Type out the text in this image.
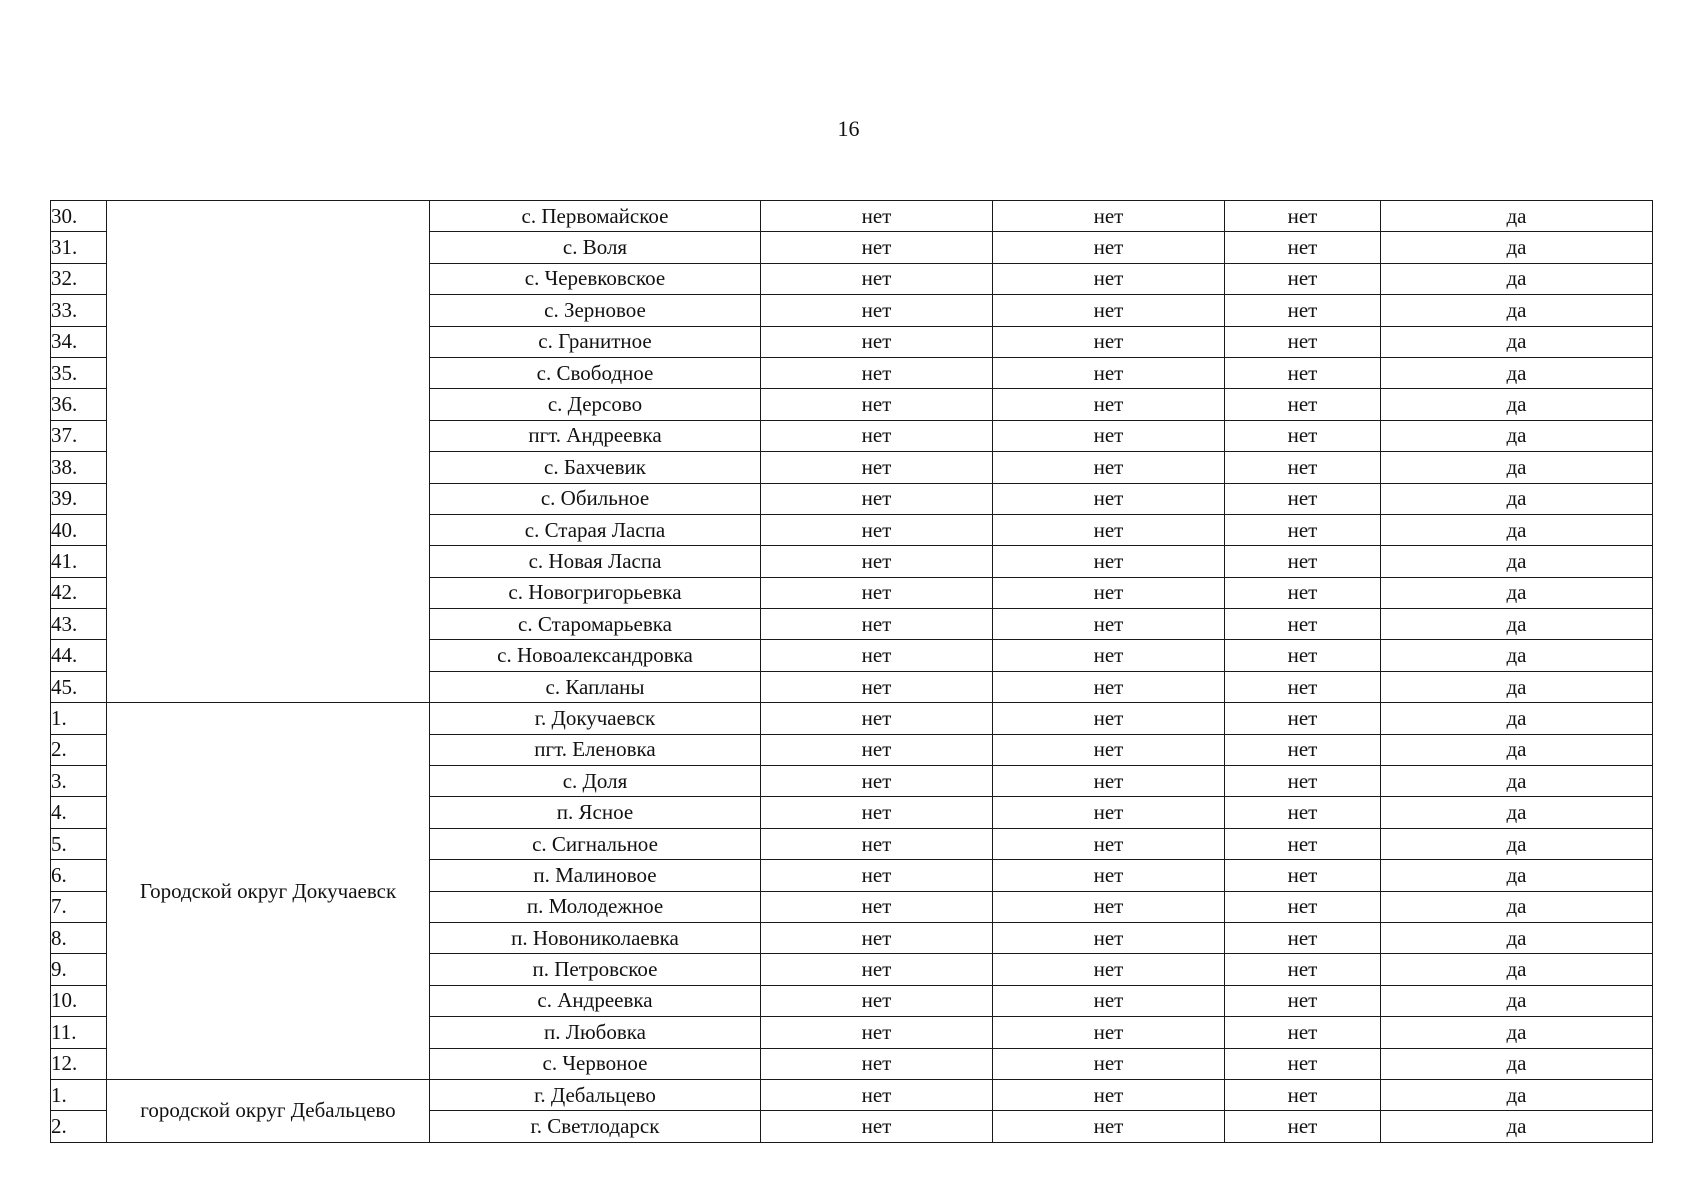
16
30.		с. Первомайское	нет	нет	нет	да
31.		с. Воля	нет	нет	нет	да
32.		с. Черевковское	нет	нет	нет	да
33.		с. Зерновое	нет	нет	нет	да
34.		с. Гранитное	нет	нет	нет	да
35.		с. Свободное	нет	нет	нет	да
36.		с. Дерсово	нет	нет	нет	да
37.		пгт. Андреевка	нет	нет	нет	да
38.		с. Бахчевик	нет	нет	нет	да
39.		с. Обильное	нет	нет	нет	да
40.		с. Старая Ласпа	нет	нет	нет	да
41.		с. Новая Ласпа	нет	нет	нет	да
42.		с. Новогригорьевка	нет	нет	нет	да
43.		с. Старомарьевка	нет	нет	нет	да
44.		с. Новоалександровка	нет	нет	нет	да
45.		с. Капланы	нет	нет	нет	да
1.	Городской округ Докучаевск	г. Докучаевск	нет	нет	нет	да
2.		пгт. Еленовка	нет	нет	нет	да
3.		с. Доля	нет	нет	нет	да
4.		п. Ясное	нет	нет	нет	да
5.		с. Сигнальное	нет	нет	нет	да
6.		п. Малиновое	нет	нет	нет	да
7.		п. Молодежное	нет	нет	нет	да
8.		п. Новониколаевка	нет	нет	нет	да
9.		п. Петровское	нет	нет	нет	да
10.		с. Андреевка	нет	нет	нет	да
11.		п. Любовка	нет	нет	нет	да
12.		с. Червоное	нет	нет	нет	да
1.	городской округ Дебальцево	г. Дебальцево	нет	нет	нет	да
2.		г. Светлодарск	нет	нет	нет	да
